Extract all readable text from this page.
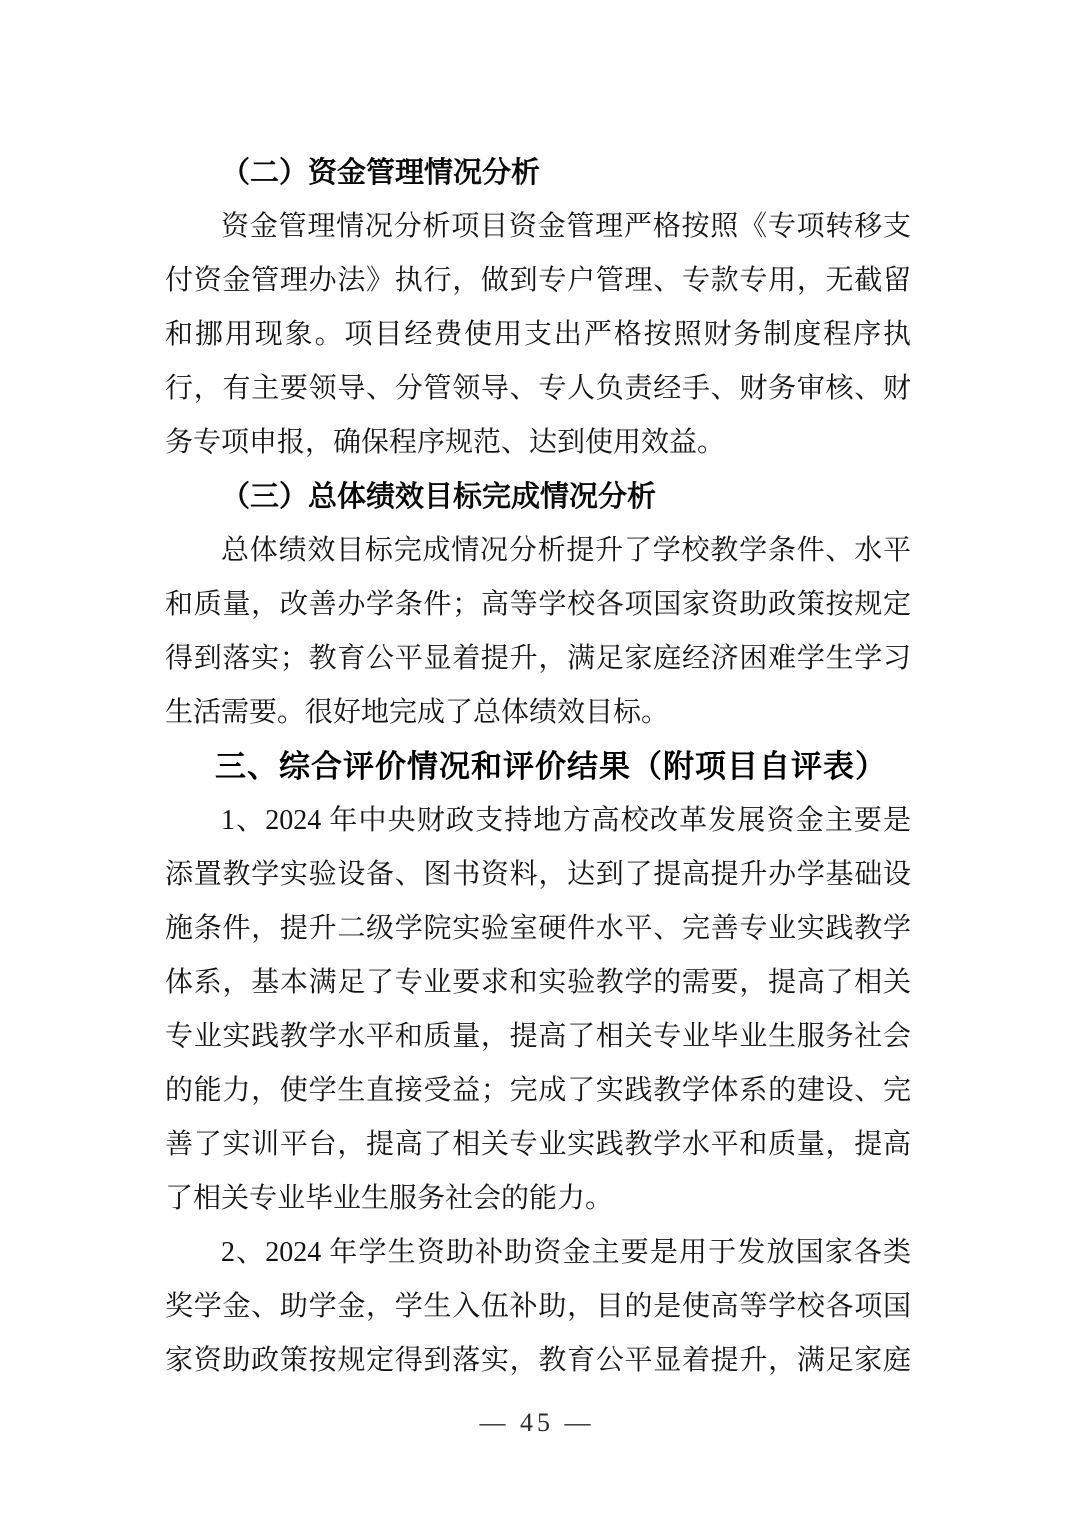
（二）资金管理情况分析
资金管理情况分析项目资金管理严格按照《专项转移支
付资金管理办法》执行，做到专户管理、专款专用，无截留
和挪用现象。项目经费使用支出严格按照财务制度程序执
行，有主要领导、分管领导、专人负责经手、财务审核、财
务专项申报，确保程序规范、达到使用效益。
（三）总体绩效目标完成情况分析
总体绩效目标完成情况分析提升了学校教学条件、水平
和质量，改善办学条件；高等学校各项国家资助政策按规定
得到落实；教育公平显着提升，满足家庭经济困难学生学习
生活需要。很好地完成了总体绩效目标。
三、综合评价情况和评价结果（附项目自评表）
1、2024 年中央财政支持地方高校改革发展资金主要是
添置教学实验设备、图书资料，达到了提高提升办学基础设
施条件，提升二级学院实验室硬件水平、完善专业实践教学
体系，基本满足了专业要求和实验教学的需要，提高了相关
专业实践教学水平和质量，提高了相关专业毕业生服务社会
的能力，使学生直接受益；完成了实践教学体系的建设、完
善了实训平台，提高了相关专业实践教学水平和质量，提高
了相关专业毕业生服务社会的能力。
2、2024 年学生资助补助资金主要是用于发放国家各类
奖学金、助学金，学生入伍补助，目的是使高等学校各项国
家资助政策按规定得到落实，教育公平显着提升，满足家庭
— 45 —
